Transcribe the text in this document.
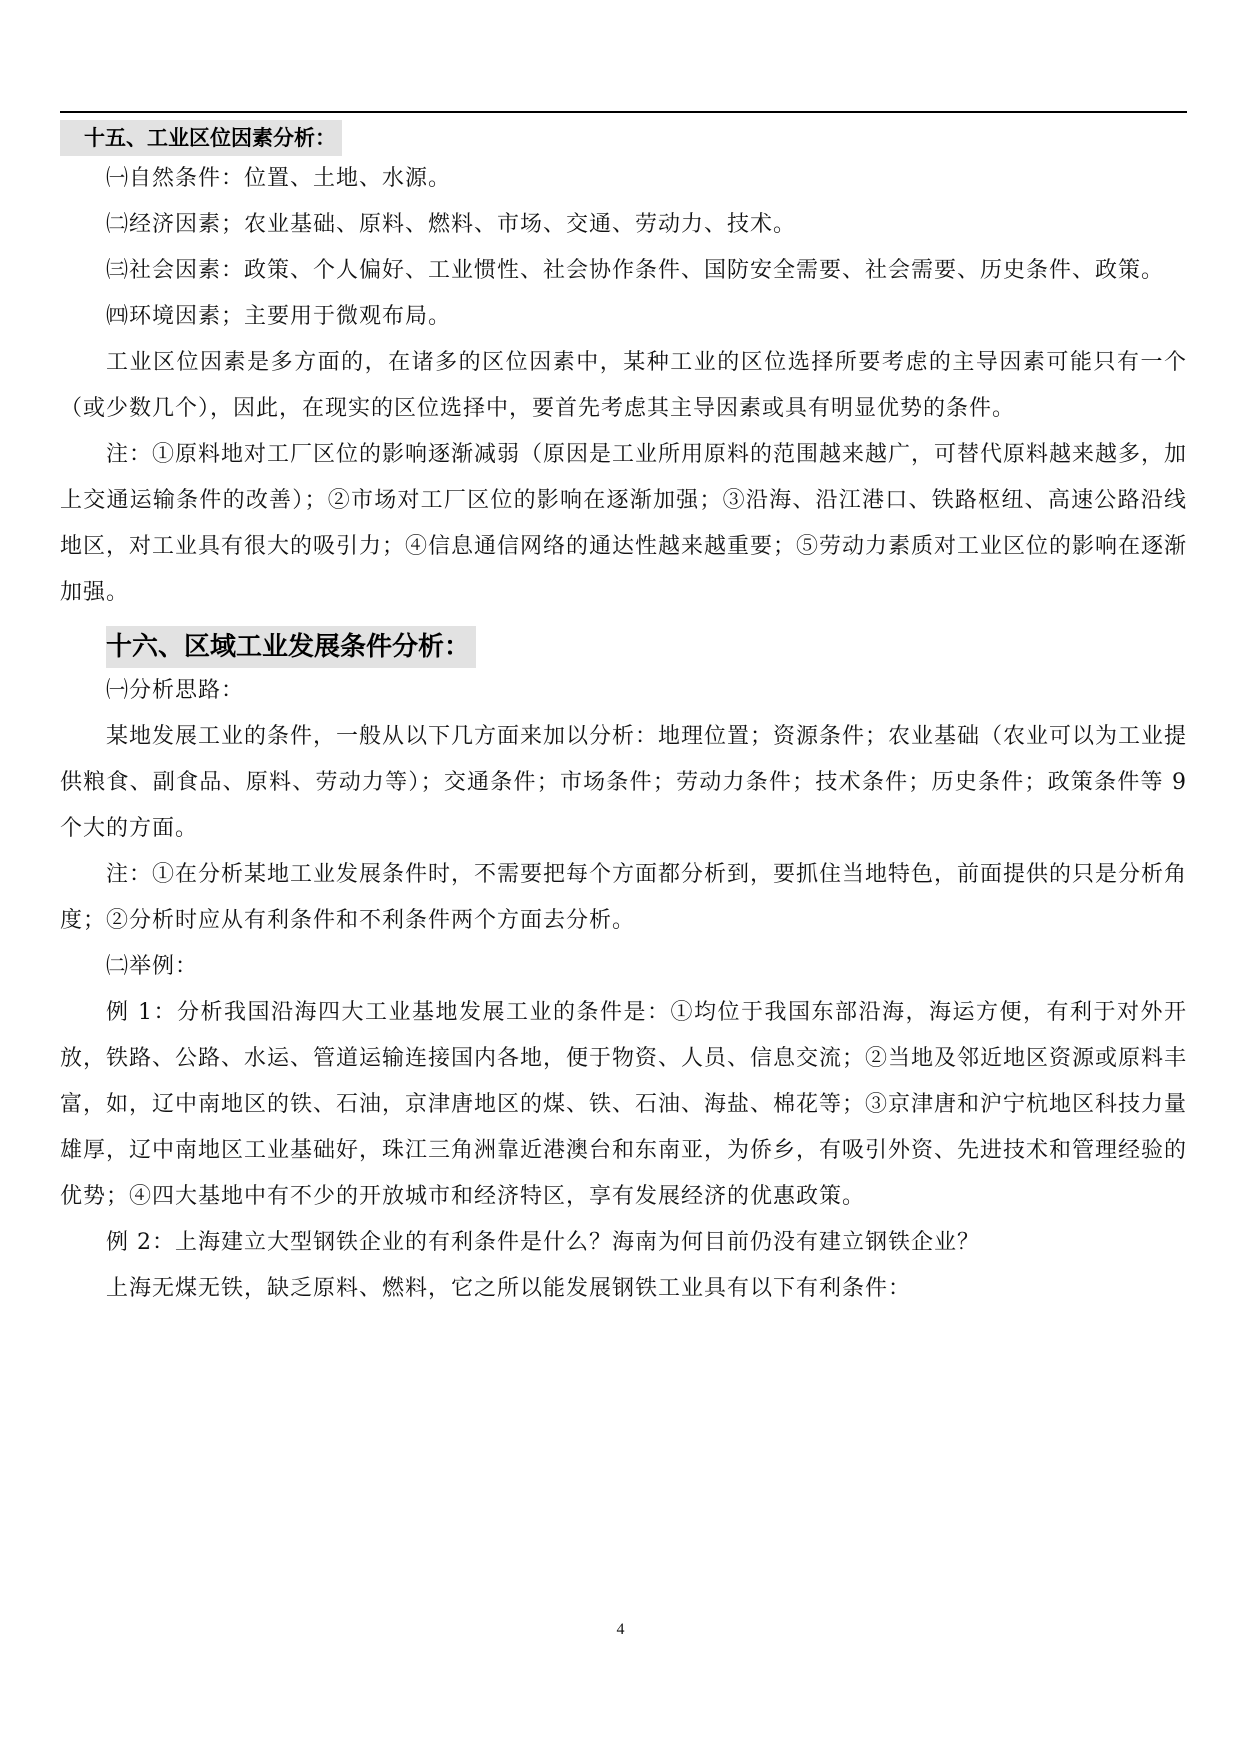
十五、工业区位因素分析：

㈠自然条件：位置、土地、水源。

㈡经济因素；农业基础、原料、燃料、市场、交通、劳动力、技术。

㈢社会因素：政策、个人偏好、工业惯性、社会协作条件、国防安全需要、社会需要、历史条件、政策。

㈣环境因素；主要用于微观布局。

工业区位因素是多方面的，在诸多的区位因素中，某种工业的区位选择所要考虑的主导因素可能只有一个（或少数几个），因此，在现实的区位选择中，要首先考虑其主导因素或具有明显优势的条件。

注：①原料地对工厂区位的影响逐渐减弱（原因是工业所用原料的范围越来越广，可替代原料越来越多，加上交通运输条件的改善）；②市场对工厂区位的影响在逐渐加强；③沿海、沿江港口、铁路枢纽、高速公路沿线地区，对工业具有很大的吸引力；④信息通信网络的通达性越来越重要；⑤劳动力素质对工业区位的影响在逐渐加强。

十六、区域工业发展条件分析：

㈠分析思路：

某地发展工业的条件，一般从以下几方面来加以分析：地理位置；资源条件；农业基础（农业可以为工业提供粮食、副食品、原料、劳动力等）；交通条件；市场条件；劳动力条件；技术条件；历史条件；政策条件等 9 个大的方面。

注：①在分析某地工业发展条件时，不需要把每个方面都分析到，要抓住当地特色，前面提供的只是分析角度；②分析时应从有利条件和不利条件两个方面去分析。

㈡举例：

例 1：分析我国沿海四大工业基地发展工业的条件是：①均位于我国东部沿海，海运方便，有利于对外开放，铁路、公路、水运、管道运输连接国内各地，便于物资、人员、信息交流；②当地及邻近地区资源或原料丰富，如，辽中南地区的铁、石油，京津唐地区的煤、铁、石油、海盐、棉花等；③京津唐和沪宁杭地区科技力量雄厚，辽中南地区工业基础好，珠江三角洲靠近港澳台和东南亚，为侨乡，有吸引外资、先进技术和管理经验的优势；④四大基地中有不少的开放城市和经济特区，享有发展经济的优惠政策。

例 2：上海建立大型钢铁企业的有利条件是什么？海南为何目前仍没有建立钢铁企业？

上海无煤无铁，缺乏原料、燃料，它之所以能发展钢铁工业具有以下有利条件：

4
